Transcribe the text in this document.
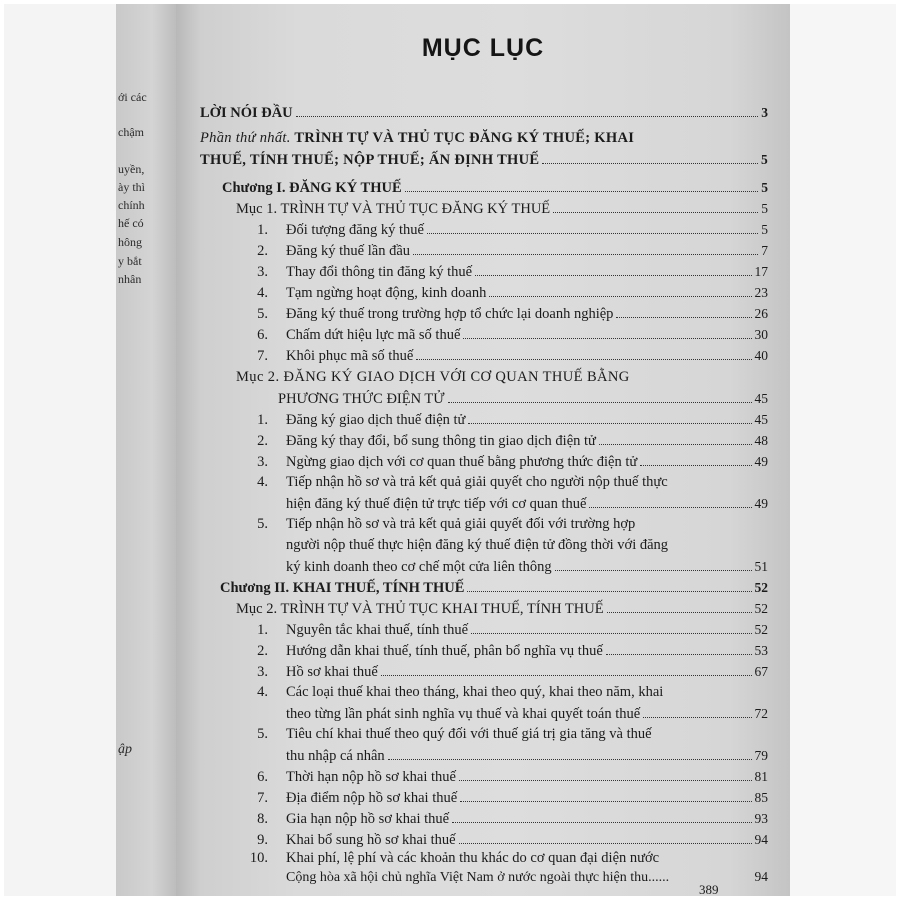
ới các
chậm
uyền,
ày thì
chính
hế có
hông
y bắt
nhân
ập
MỤC LỤC
LỜI NÓI ĐẦU	3
Phần thứ nhất. TRÌNH TỰ VÀ THỦ TỤC ĐĂNG KÝ THUẾ; KHAI
THUẾ, TÍNH THUẾ; NỘP THUẾ; ẤN ĐỊNH THUẾ	5
Chương I. ĐĂNG KÝ THUẾ	5
Mục 1. TRÌNH TỰ VÀ THỦ TỤC ĐĂNG KÝ THUẾ	5
1. Đối tượng đăng ký thuế	5
2. Đăng ký thuế lần đầu	7
3. Thay đổi thông tin đăng ký thuế	17
4. Tạm ngừng hoạt động, kinh doanh	23
5. Đăng ký thuế trong trường hợp tổ chức lại doanh nghiệp	26
6. Chấm dứt hiệu lực mã số thuế	30
7. Khôi phục mã số thuế	40
Mục 2. ĐĂNG KÝ GIAO DỊCH VỚI CƠ QUAN THUẾ BẰNG
PHƯƠNG THỨC ĐIỆN TỬ	45
1. Đăng ký giao dịch thuế điện tử	45
2. Đăng ký thay đổi, bổ sung thông tin giao dịch điện tử	48
3. Ngừng giao dịch với cơ quan thuế bằng phương thức điện tử	49
4. Tiếp nhận hồ sơ và trả kết quả giải quyết cho người nộp thuế thực
hiện đăng ký thuế điện tử trực tiếp với cơ quan thuế	49
5. Tiếp nhận hồ sơ và trả kết quả giải quyết đối với trường hợp
người nộp thuế thực hiện đăng ký thuế điện tử đồng thời với đăng
ký kinh doanh theo cơ chế một cửa liên thông	51
Chương II. KHAI THUẾ, TÍNH THUẾ	52
Mục 2. TRÌNH TỰ VÀ THỦ TỤC KHAI THUẾ, TÍNH THUẾ	52
1. Nguyên tắc khai thuế, tính thuế	52
2. Hướng dẫn khai thuế, tính thuế, phân bổ nghĩa vụ thuế	53
3. Hồ sơ khai thuế	67
4. Các loại thuế khai theo tháng, khai theo quý, khai theo năm, khai
theo từng lần phát sinh nghĩa vụ thuế và khai quyết toán thuế	72
5. Tiêu chí khai thuế theo quý đối với thuế giá trị gia tăng và thuế
thu nhập cá nhân	79
6. Thời hạn nộp hồ sơ khai thuế	81
7. Địa điểm nộp hồ sơ khai thuế	85
8. Gia hạn nộp hồ sơ khai thuế	93
9. Khai bổ sung hồ sơ khai thuế	94
10. Khai phí, lệ phí và các khoản thu khác do cơ quan đại diện nước
Cộng hòa xã hội chủ nghĩa Việt Nam ở nước ngoài thực hiện thu......	94
389
